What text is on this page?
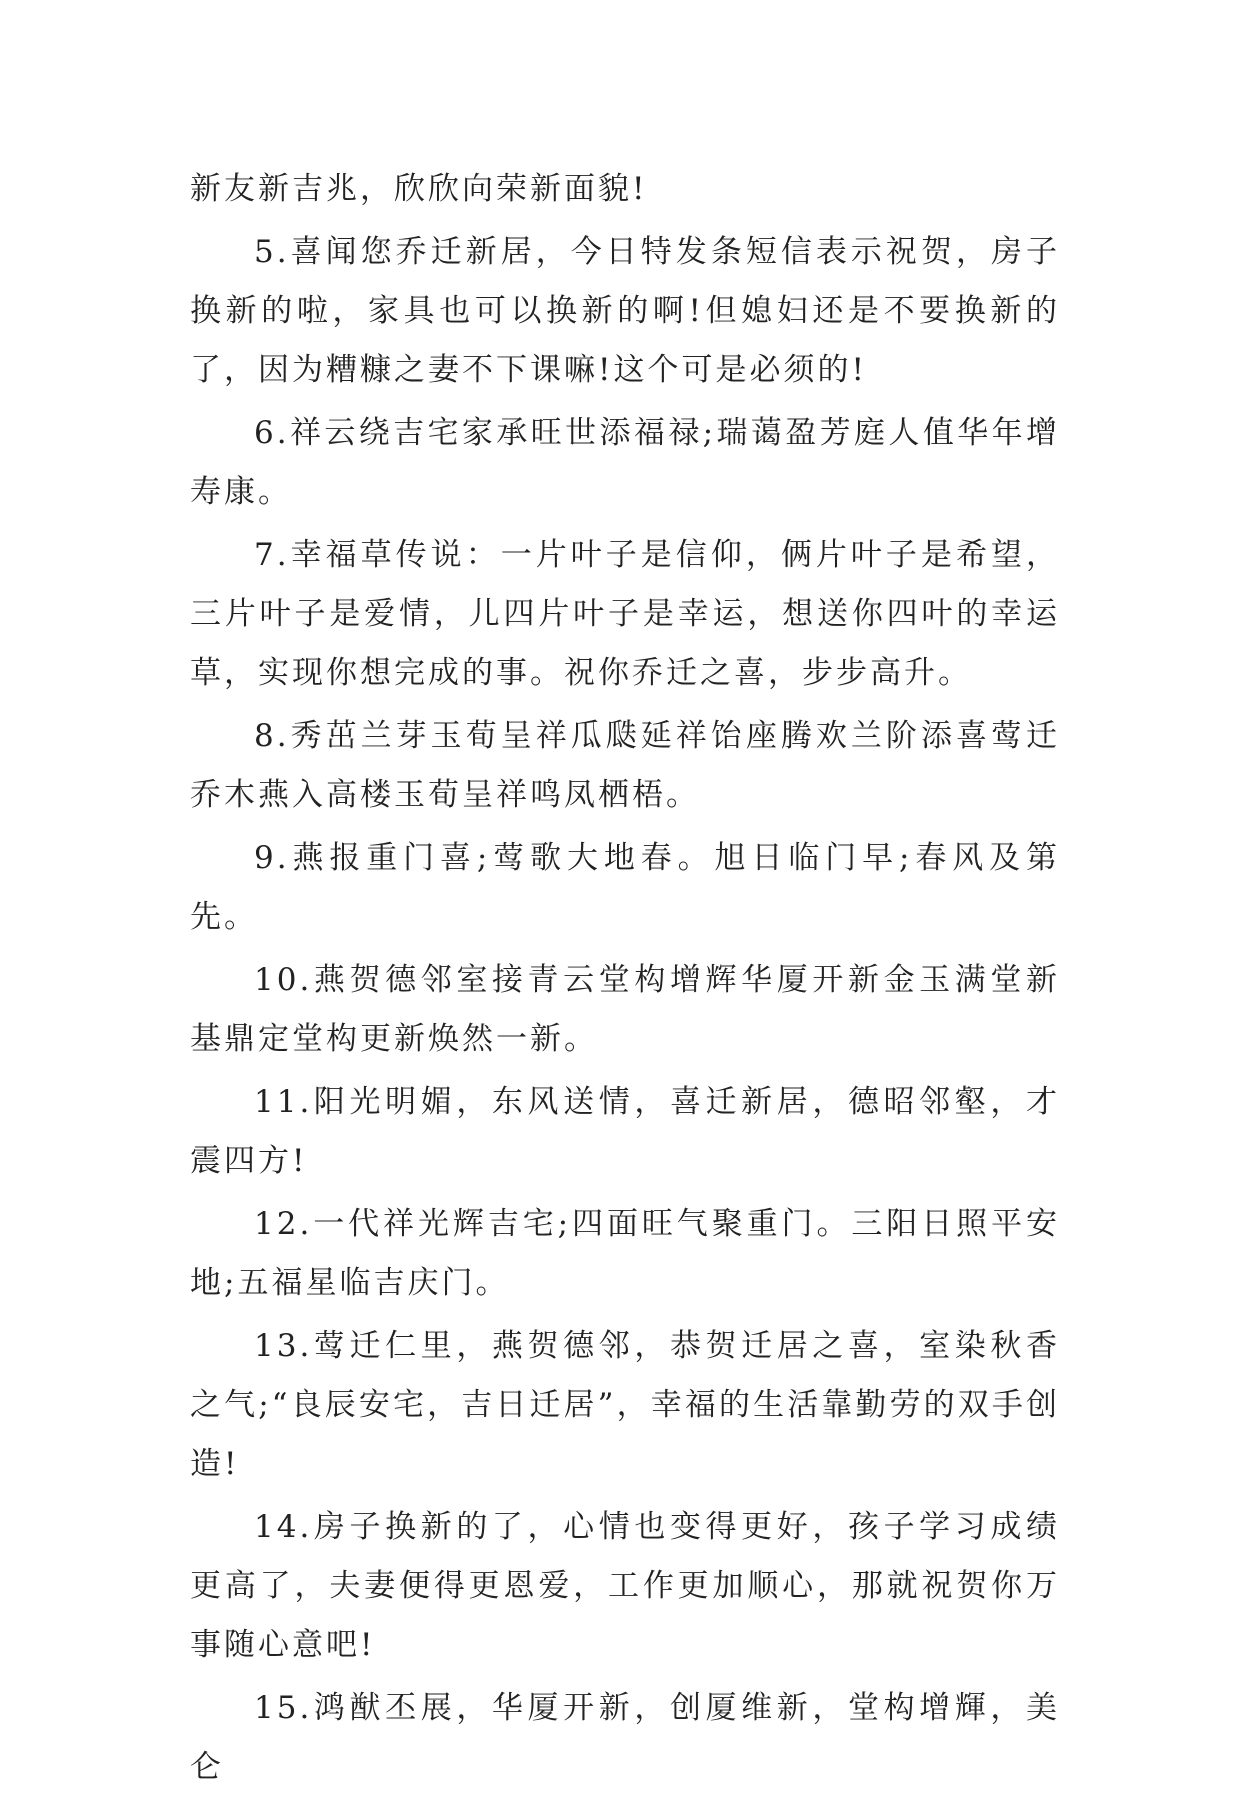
新友新吉兆，欣欣向荣新面貌!

5.喜闻您乔迁新居，今日特发条短信表示祝贺，房子换新的啦，家具也可以换新的啊!但媳妇还是不要换新的了，因为糟糠之妻不下课嘛!这个可是必须的!

6.祥云绕吉宅家承旺世添福禄;瑞蔼盈芳庭人值华年增寿康。

7.幸福草传说：一片叶子是信仰，俩片叶子是希望，三片叶子是爱情，儿四片叶子是幸运，想送你四叶的幸运草，实现你想完成的事。祝你乔迁之喜，步步高升。

8.秀茁兰芽玉荀呈祥瓜瓞延祥饴座腾欢兰阶添喜莺迁乔木燕入高楼玉荀呈祥鸣凤栖梧。

9.燕报重门喜;莺歌大地春。旭日临门早;春风及第先。

10.燕贺德邻室接青云堂构增辉华厦开新金玉满堂新基鼎定堂构更新焕然一新。

11.阳光明媚，东风送情，喜迁新居，德昭邻壑，才震四方!

12.一代祥光辉吉宅;四面旺气聚重门。三阳日照平安地;五福星临吉庆门。

13.莺迁仁里，燕贺德邻，恭贺迁居之喜，室染秋香之气;“良辰安宅，吉日迁居”，幸福的生活靠勤劳的双手创造!

14.房子换新的了，心情也变得更好，孩子学习成绩更高了，夫妻便得更恩爱，工作更加顺心，那就祝贺你万事随心意吧!

15.鸿猷丕展，华厦开新，创厦维新，堂构增輝，美仑
